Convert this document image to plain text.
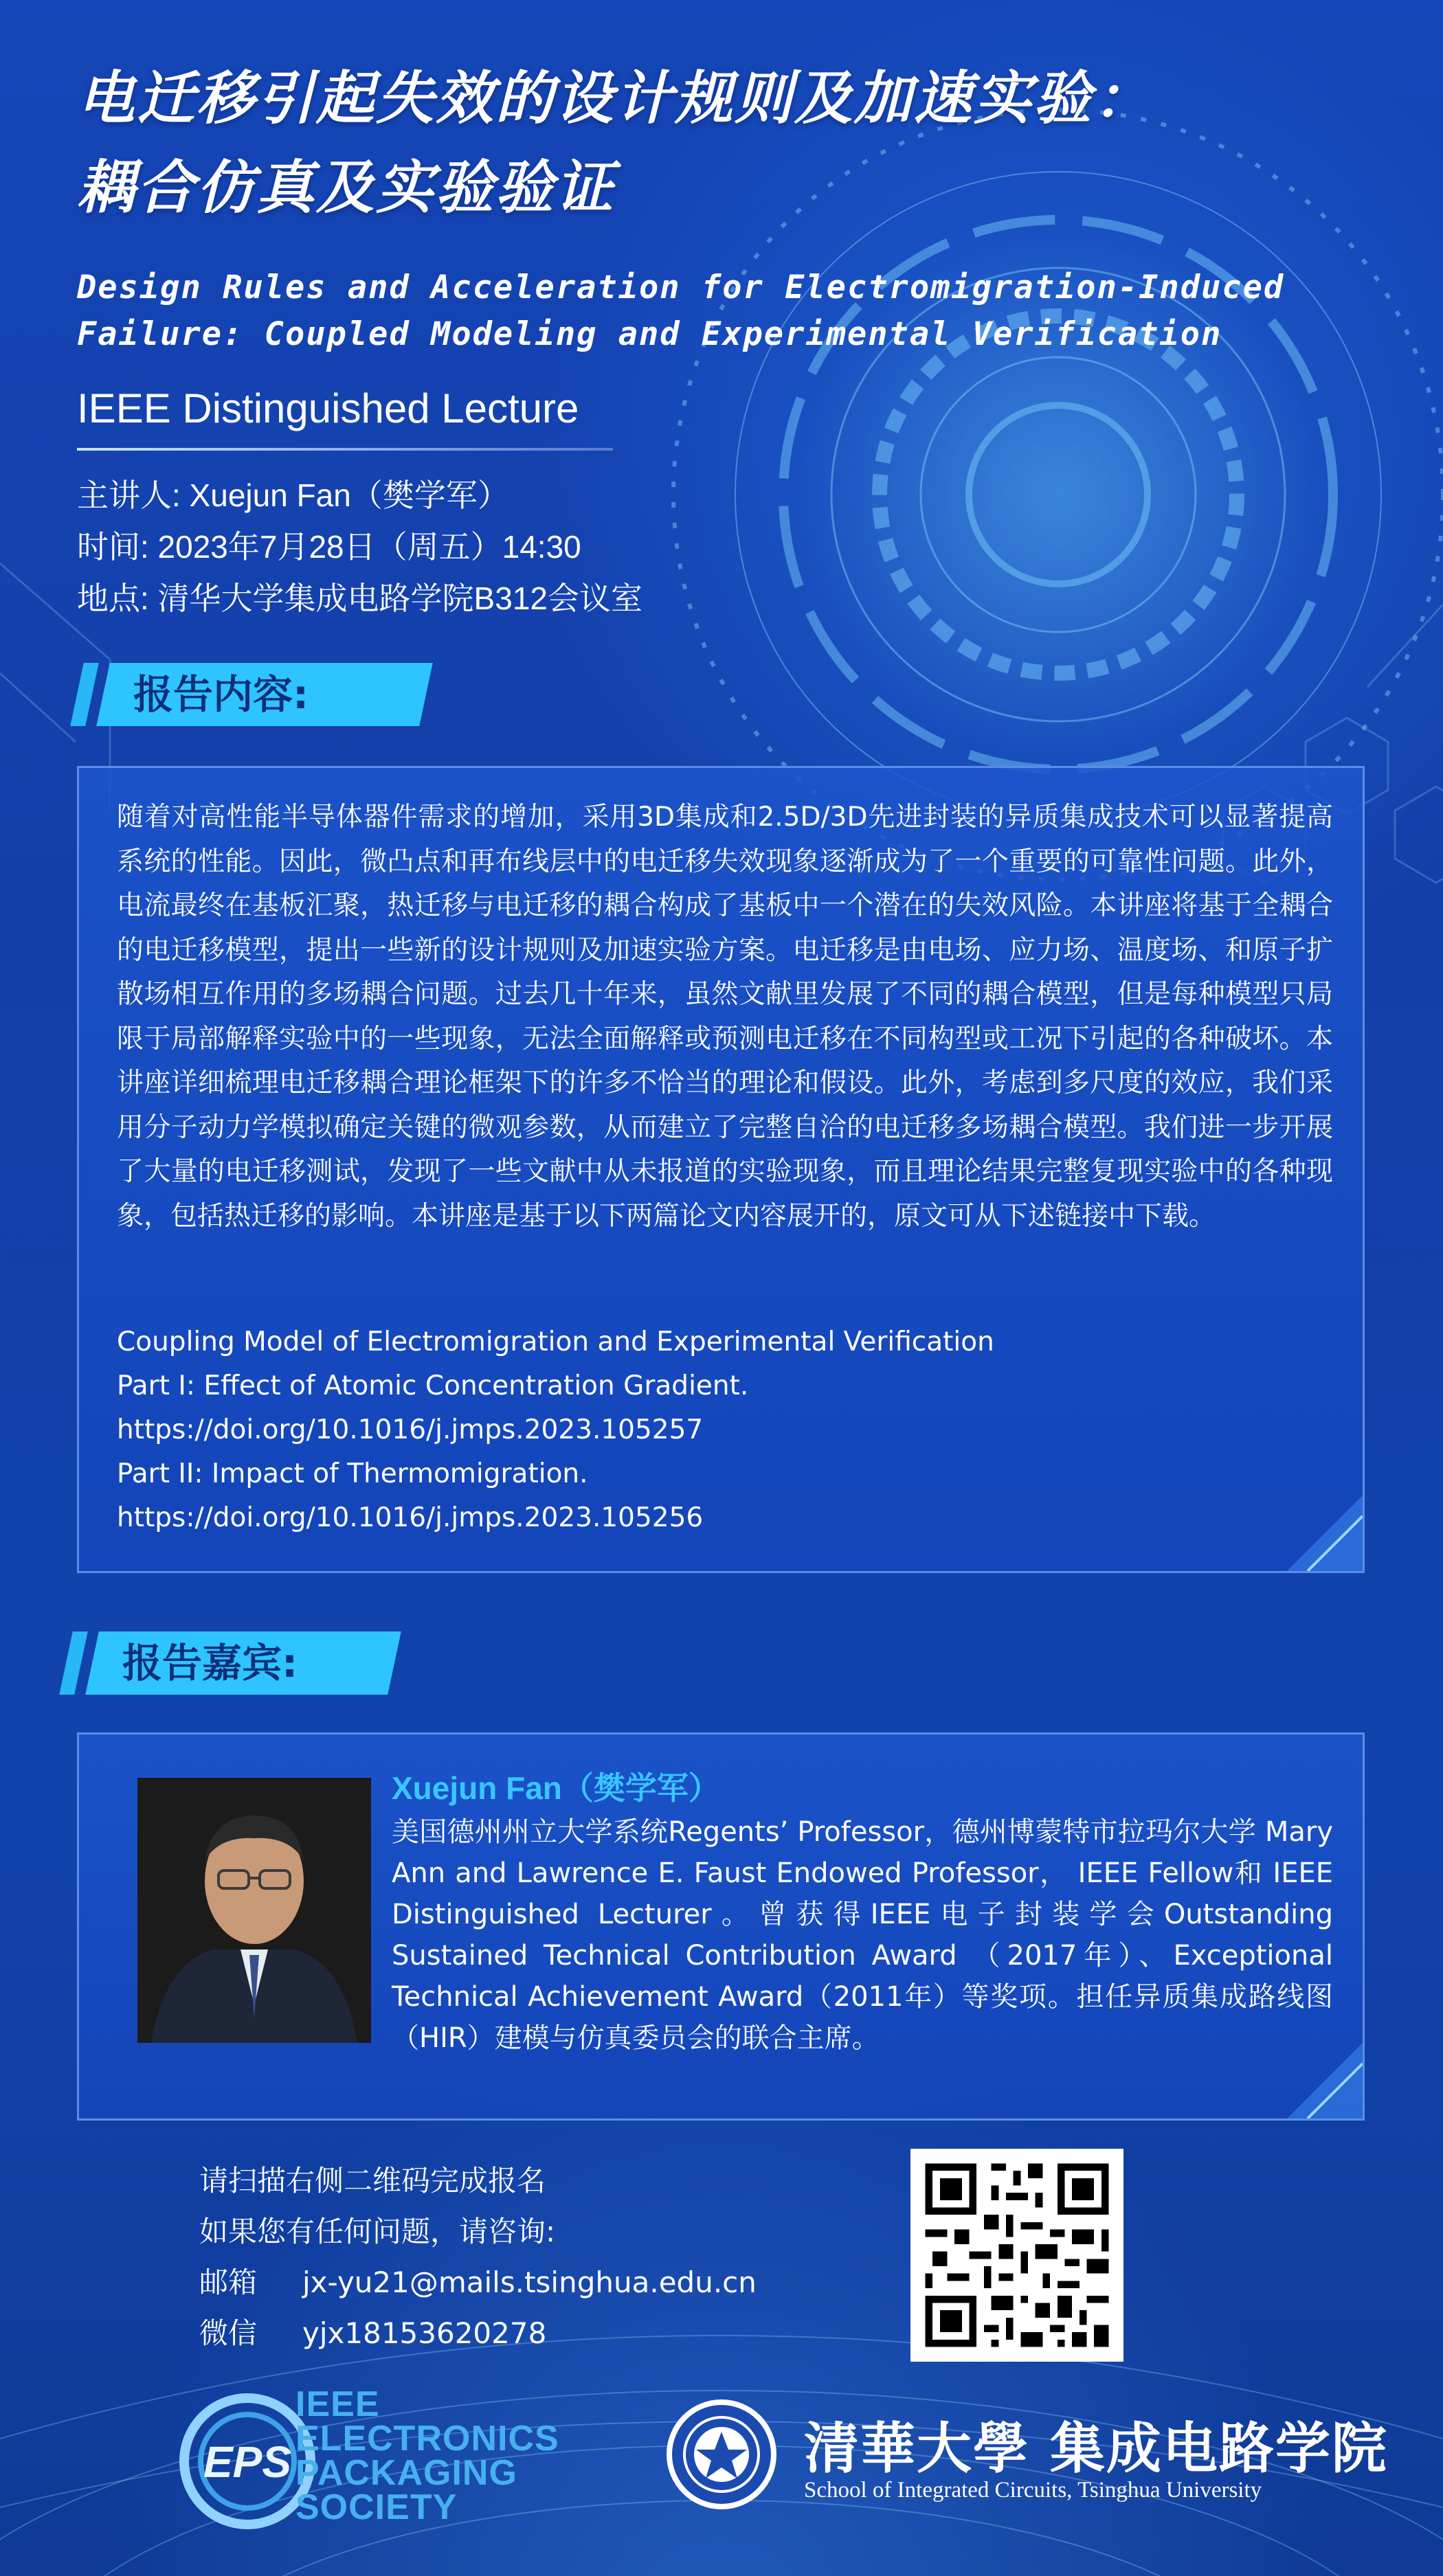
电迁移引起失效的设计规则及加速实验：
耦合仿真及实验验证
Design Rules and Acceleration for Electromigration-Induced
Failure: Coupled Modeling and Experimental Verification
IEEE Distinguished Lecture
主讲人: Xuejun Fan（樊学军）
时间: 2023年7月28日（周五）14:30
地点: 清华大学集成电路学院B312会议室
报告内容:
随着对高性能半导体器件需求的增加，采用3D集成和2.5D/3D先进封装的异质集成技术可以显著提高系统的性能。因此，微凸点和再布线层中的电迁移失效现象逐渐成为了一个重要的可靠性问题。此外，电流最终在基板汇聚，热迁移与电迁移的耦合构成了基板中一个潜在的失效风险。本讲座将基于全耦合的电迁移模型，提出一些新的设计规则及加速实验方案。电迁移是由电场、应力场、温度场、和原子扩散场相互作用的多场耦合问题。过去几十年来，虽然文献里发展了不同的耦合模型，但是每种模型只局限于局部解释实验中的一些现象，无法全面解释或预测电迁移在不同构型或工况下引起的各种破坏。本讲座详细梳理电迁移耦合理论框架下的许多不恰当的理论和假设。此外，考虑到多尺度的效应，我们采用分子动力学模拟确定关键的微观参数，从而建立了完整自洽的电迁移多场耦合模型。我们进一步开展了大量的电迁移测试，发现了一些文献中从未报道的实验现象，而且理论结果完整复现实验中的各种现象，包括热迁移的影响。本讲座是基于以下两篇论文内容展开的，原文可从下述链接中下载。
Coupling Model of Electromigration and Experimental Verification
Part I: Effect of Atomic Concentration Gradient.
https://doi.org/10.1016/j.jmps.2023.105257
Part II: Impact of Thermomigration.
https://doi.org/10.1016/j.jmps.2023.105256
报告嘉宾:
Xuejun Fan（樊学军）
美国德州州立大学系统Regents’ Professor，德州博蒙特市拉玛尔大学 Mary Ann and Lawrence E. Faust Endowed Professor， IEEE Fellow和 IEEE Distinguished Lecturer。曾获得IEEE电子封装学会Outstanding Sustained Technical Contribution Award （2017年）、Exceptional Technical Achievement Award（2011年）等奖项。担任异质集成路线图（HIR）建模与仿真委员会的联合主席。
请扫描右侧二维码完成报名
如果您有任何问题，请咨询:
邮箱 jx-yu21@mails.tsinghua.edu.cn
微信 yjx18153620278
EPS
IEEE
ELECTRONICS
PACKAGING
SOCIETY
清華大學 集成电路学院
School of Integrated Circuits, Tsinghua University
